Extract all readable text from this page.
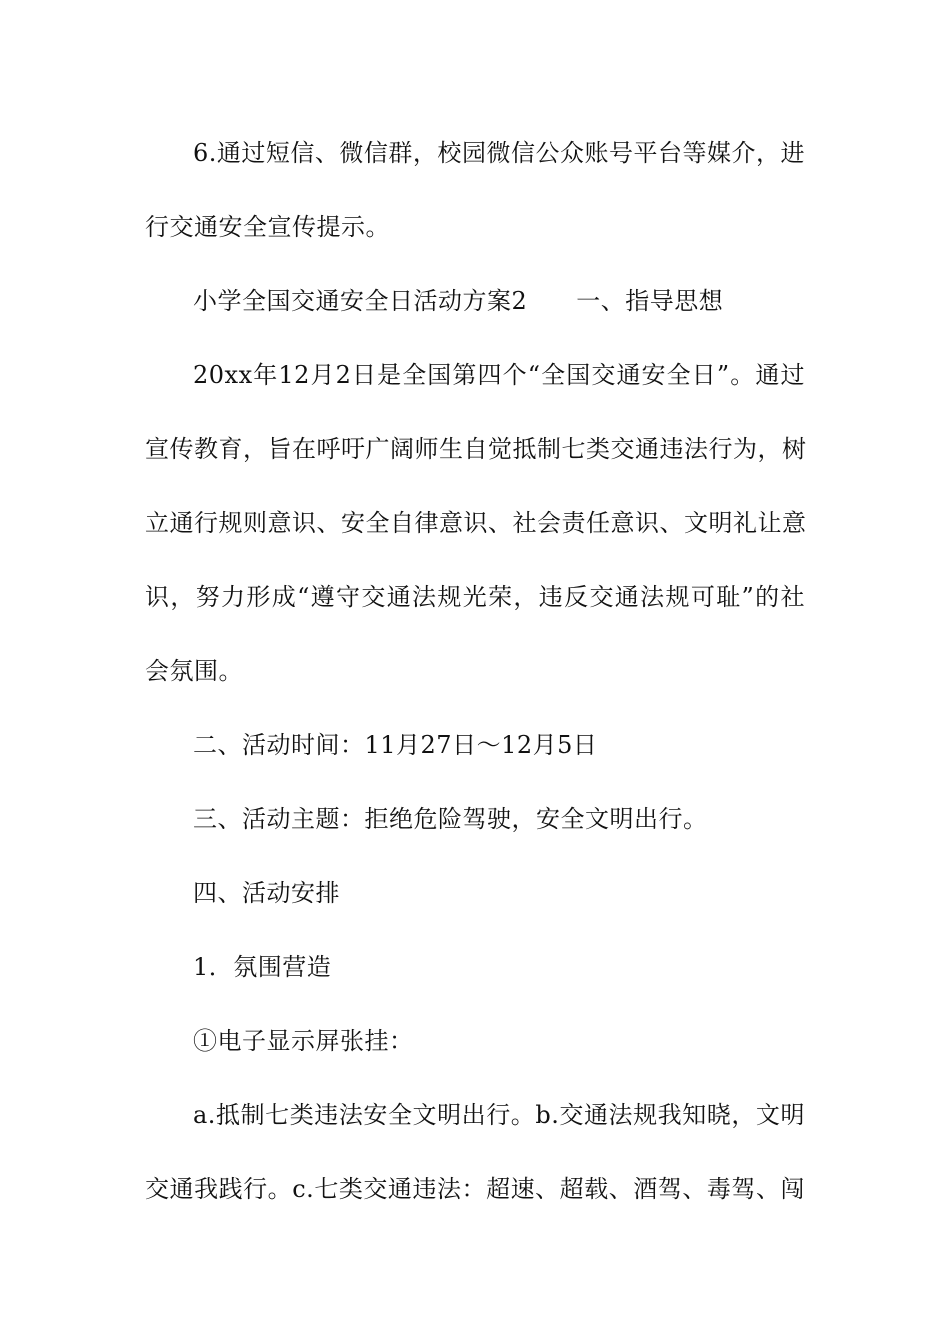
6.通过短信、微信群，校园微信公众账号平台等媒介，进
行交通安全宣传提示。
小学全国交通安全日活动方案2　　一、指导思想
20xx年12月2日是全国第四个“全国交通安全日”。通过
宣传教育，旨在呼吁广阔师生自觉抵制七类交通违法行为，树
立通行规则意识、安全自律意识、社会责任意识、文明礼让意
识，努力形成“遵守交通法规光荣，违反交通法规可耻”的社
会氛围。
二、活动时间：11月27日～12月5日
三、活动主题：拒绝危险驾驶，安全文明出行。
四、活动安排
1．氛围营造
①电子显示屏张挂：
a.抵制七类违法安全文明出行。b.交通法规我知晓，文明
交通我践行。c.七类交通违法：超速、超载、酒驾、毒驾、闯
